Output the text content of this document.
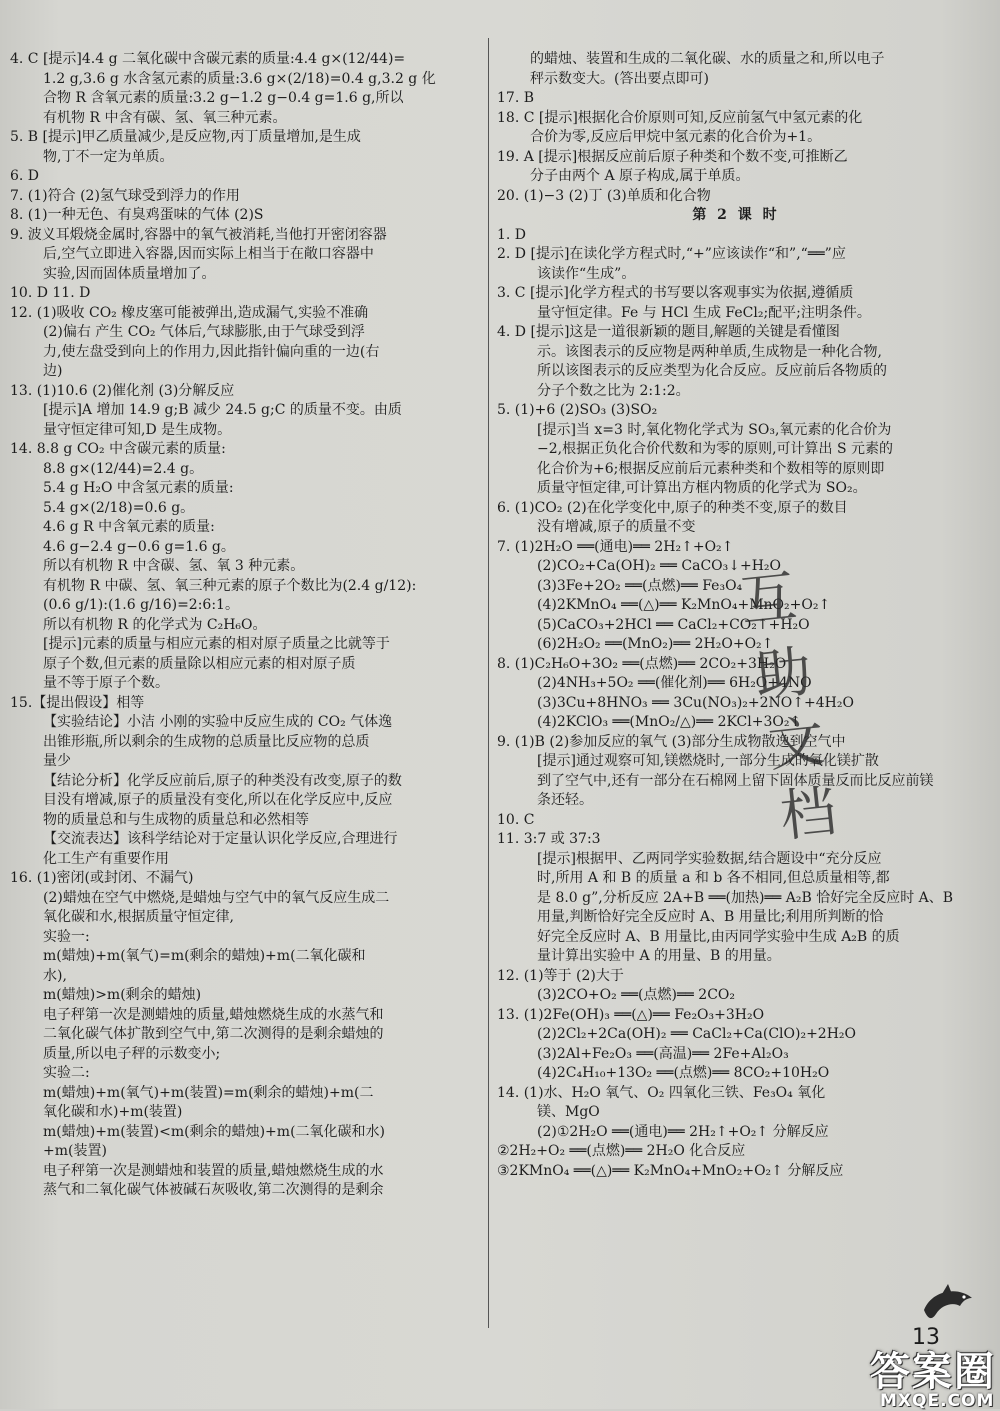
4. C [提示]4.4 g 二氧化碳中含碳元素的质量:4.4 g×(12/44)=
1.2 g,3.6 g 水含氢元素的质量:3.6 g×(2/18)=0.4 g,3.2 g 化
合物 R 含氧元素的质量:3.2 g−1.2 g−0.4 g=1.6 g,所以
有机物 R 中含有碳、氢、氧三种元素。
5. B [提示]甲乙质量减少,是反应物,丙丁质量增加,是生成
物,丁不一定为单质。
6. D
7. (1)符合 (2)氢气球受到浮力的作用
8. (1)一种无色、有臭鸡蛋味的气体 (2)S
9. 波义耳煅烧金属时,容器中的氧气被消耗,当他打开密闭容器
后,空气立即进入容器,因而实际上相当于在敞口容器中
实验,因而固体质量增加了。
10. D 11. D
12. (1)吸收 CO₂ 橡皮塞可能被弹出,造成漏气,实验不准确
(2)偏右 产生 CO₂ 气体后,气球膨胀,由于气球受到浮
力,使左盘受到向上的作用力,因此指针偏向重的一边(右
边)
13. (1)10.6 (2)催化剂 (3)分解反应
[提示]A 增加 14.9 g;B 减少 24.5 g;C 的质量不变。由质
量守恒定律可知,D 是生成物。
14. 8.8 g CO₂ 中含碳元素的质量:
8.8 g×(12/44)=2.4 g。
5.4 g H₂O 中含氢元素的质量:
5.4 g×(2/18)=0.6 g。
4.6 g R 中含氧元素的质量:
4.6 g−2.4 g−0.6 g=1.6 g。
所以有机物 R 中含碳、氢、氧 3 种元素。
有机物 R 中碳、氢、氧三种元素的原子个数比为(2.4 g/12):
(0.6 g/1):(1.6 g/16)=2:6:1。
所以有机物 R 的化学式为 C₂H₆O。
[提示]元素的质量与相应元素的相对原子质量之比就等于
原子个数,但元素的质量除以相应元素的相对原子质
量不等于原子个数。
15.【提出假设】相等
【实验结论】小洁 小刚的实验中反应生成的 CO₂ 气体逸
出锥形瓶,所以剩余的生成物的总质量比反应物的总质
量少
【结论分析】化学反应前后,原子的种类没有改变,原子的数
目没有增减,原子的质量没有变化,所以在化学反应中,反应
物的质量总和与生成物的质量总和必然相等
【交流表达】该科学结论对于定量认识化学反应,合理进行
化工生产有重要作用
16. (1)密闭(或封闭、不漏气)
(2)蜡烛在空气中燃烧,是蜡烛与空气中的氧气反应生成二
氧化碳和水,根据质量守恒定律,
实验一:
m(蜡烛)+m(氧气)=m(剩余的蜡烛)+m(二氧化碳和
水),
m(蜡烛)>m(剩余的蜡烛)
电子秤第一次是测蜡烛的质量,蜡烛燃烧生成的水蒸气和
二氧化碳气体扩散到空气中,第二次测得的是剩余蜡烛的
质量,所以电子秤的示数变小;
实验二:
m(蜡烛)+m(氧气)+m(装置)=m(剩余的蜡烛)+m(二
氧化碳和水)+m(装置)
m(蜡烛)+m(装置)<m(剩余的蜡烛)+m(二氧化碳和水)
+m(装置)
电子秤第一次是测蜡烛和装置的质量,蜡烛燃烧生成的水
蒸气和二氧化碳气体被碱石灰吸收,第二次测得的是剩余
的蜡烛、装置和生成的二氧化碳、水的质量之和,所以电子
秤示数变大。(答出要点即可)
17. B
18. C [提示]根据化合价原则可知,反应前氢气中氢元素的化
合价为零,反应后甲烷中氢元素的化合价为+1。
19. A [提示]根据反应前后原子种类和个数不变,可推断乙
分子由两个 A 原子构成,属于单质。
20. (1)−3 (2)丁 (3)单质和化合物
第 2 课 时
1. D
2. D [提示]在读化学方程式时,“+”应该读作“和”,“══”应
该读作“生成”。
3. C [提示]化学方程式的书写要以客观事实为依据,遵循质
量守恒定律。Fe 与 HCl 生成 FeCl₂;配平;注明条件。
4. D [提示]这是一道很新颖的题目,解题的关键是看懂图
示。该图表示的反应物是两种单质,生成物是一种化合物,
所以该图表示的反应类型为化合反应。反应前后各物质的
分子个数之比为 2:1:2。
5. (1)+6 (2)SO₃ (3)SO₂
[提示]当 x=3 时,氧化物化学式为 SO₃,氧元素的化合价为
−2,根据正负化合价代数和为零的原则,可计算出 S 元素的
化合价为+6;根据反应前后元素种类和个数相等的原则即
质量守恒定律,可计算出方框内物质的化学式为 SO₂。
6. (1)CO₂ (2)在化学变化中,原子的种类不变,原子的数目
没有增减,原子的质量不变
7. (1)2H₂O ══(通电)══ 2H₂↑+O₂↑
(2)CO₂+Ca(OH)₂ ══ CaCO₃↓+H₂O
(3)3Fe+2O₂ ══(点燃)══ Fe₃O₄
(4)2KMnO₄ ══(△)══ K₂MnO₄+MnO₂+O₂↑
(5)CaCO₃+2HCl ══ CaCl₂+CO₂↑+H₂O
(6)2H₂O₂ ══(MnO₂)══ 2H₂O+O₂↑
8. (1)C₂H₆O+3O₂ ══(点燃)══ 2CO₂+3H₂O
(2)4NH₃+5O₂ ══(催化剂)══ 6H₂O+4NO
(3)3Cu+8HNO₃ ══ 3Cu(NO₃)₂+2NO↑+4H₂O
(4)2KClO₃ ══(MnO₂/△)══ 2KCl+3O₂↑
9. (1)B (2)参加反应的氧气 (3)部分生成物散逸到空气中
[提示]通过观察可知,镁燃烧时,一部分生成的氧化镁扩散
到了空气中,还有一部分在石棉网上留下固体质量反而比反应前镁
条还轻。
10. C
11. 3:7 或 37:3
[提示]根据甲、乙两同学实验数据,结合题设中“充分反应
时,所用 A 和 B 的质量 a 和 b 各不相同,但总质量相等,都
是 8.0 g”,分析反应 2A+B ══(加热)══ A₂B 恰好完全反应时 A、B
用量,判断恰好完全反应时 A、B 用量比;利用所判断的恰
好完全反应时 A、B 用量比,由丙同学实验中生成 A₂B 的质
量计算出实验中 A 的用量、B 的用量。
12. (1)等于 (2)大于
(3)2CO+O₂ ══(点燃)══ 2CO₂
13. (1)2Fe(OH)₃ ══(△)══ Fe₂O₃+3H₂O
(2)2Cl₂+2Ca(OH)₂ ══ CaCl₂+Ca(ClO)₂+2H₂O
(3)2Al+Fe₂O₃ ══(高温)══ 2Fe+Al₂O₃
(4)2C₄H₁₀+13O₂ ══(点燃)══ 8CO₂+10H₂O
14. (1)水、H₂O 氧气、O₂ 四氧化三铁、Fe₃O₄ 氧化
镁、MgO
(2)①2H₂O ══(通电)══ 2H₂↑+O₂↑ 分解反应
②2H₂+O₂ ══(点燃)══ 2H₂O 化合反应
③2KMnO₄ ══(△)══ K₂MnO₄+MnO₂+O₂↑ 分解反应
互
助
文
档
13
答案圈
MXQE.COM
